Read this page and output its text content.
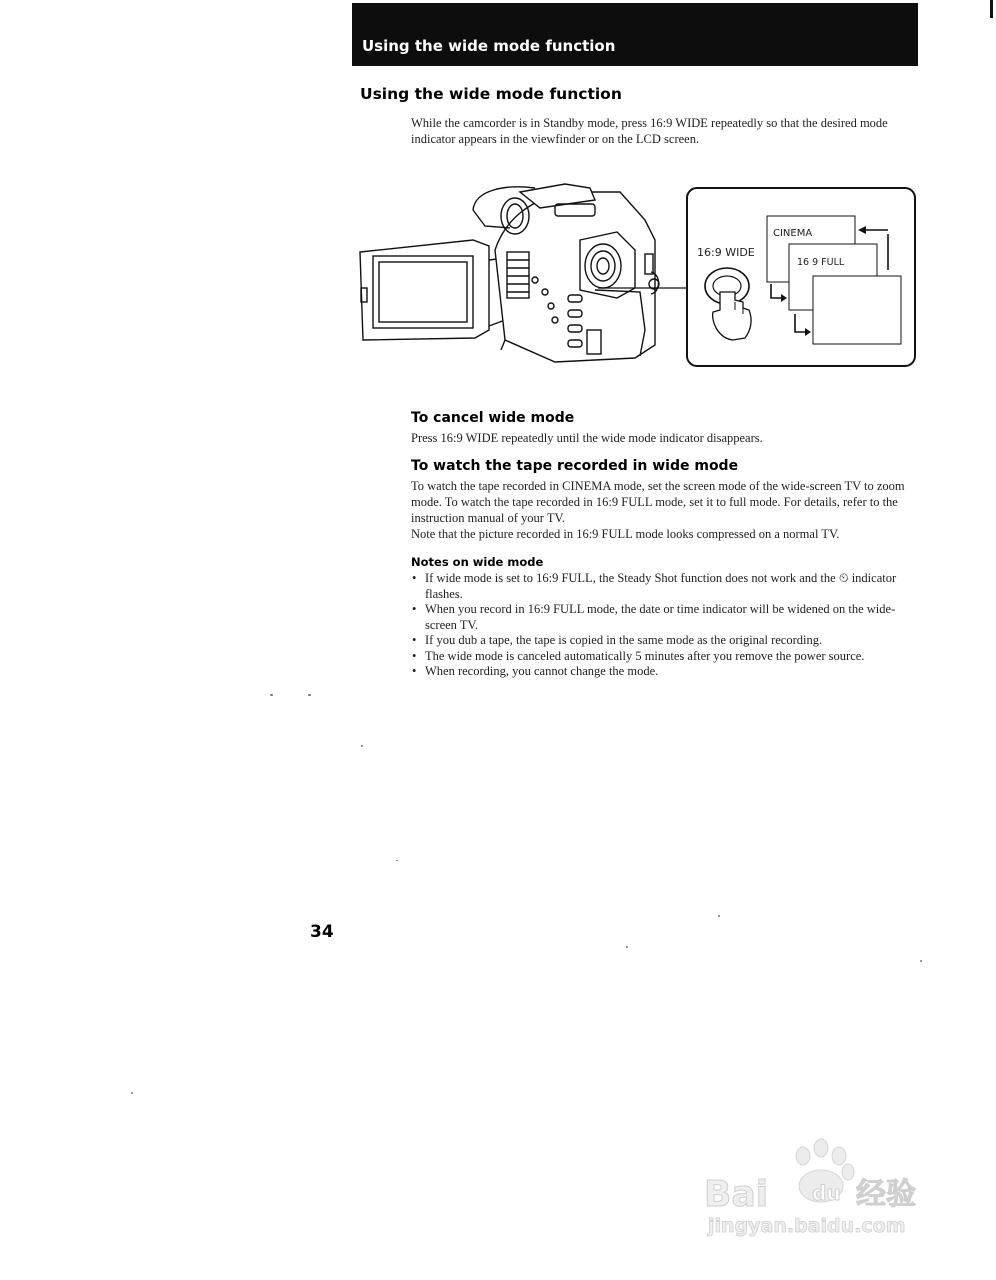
Using the wide mode function
Using the wide mode function
While the camcorder is in Standby mode, press 16:9 WIDE repeatedly so that the desired mode indicator appears in the viewfinder or on the LCD screen.
16:9 WIDE
CINEMA
16 9 FULL
To cancel wide mode
Press 16:9 WIDE repeatedly until the wide mode indicator disappears.
To watch the tape recorded in wide mode

To watch the tape recorded in CINEMA mode, set the screen mode of the wide-screen TV to zoom mode. To watch the tape recorded in 16:9 FULL mode, set it to full mode. For details, refer to the instruction manual of your TV.

Note that the picture recorded in 16:9 FULL mode looks compressed on a normal TV.

Notes on wide mode
• If wide mode is set to 16:9 FULL, the Steady Shot function does not work and the ⏲ indicator flashes.
• When you record in 16:9 FULL mode, the date or time indicator will be widened on the wide-screen TV.
• If you dub a tape, the tape is copied in the same mode as the original recording.
• The wide mode is canceled automatically 5 minutes after you remove the power source.
• When recording, you cannot change the mode.
34
Bai du 经验
jingyan.baidu.com
